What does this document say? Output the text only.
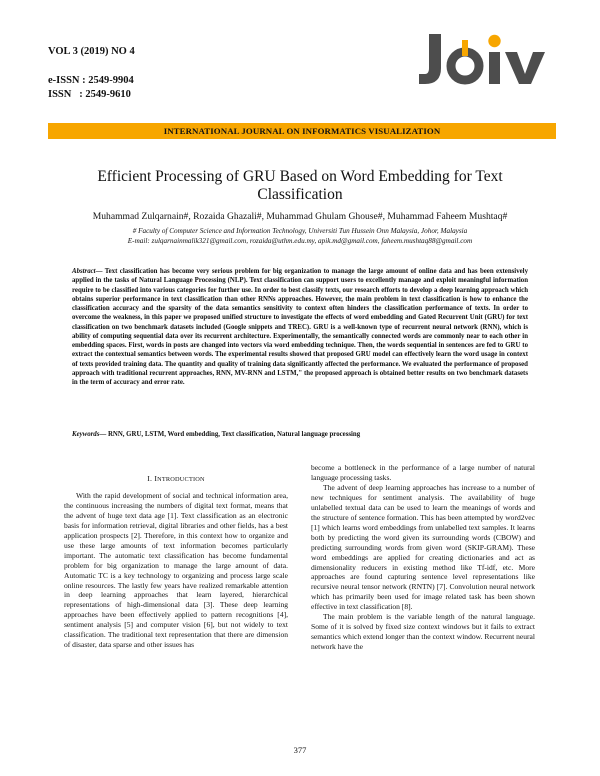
VOL 3 (2019) NO 4
e-ISSN : 2549-9904
ISSN   : 2549-9610
INTERNATIONAL JOURNAL ON INFORMATICS VISUALIZATION
Efficient Processing of GRU Based on Word Embedding for Text Classification
Muhammad Zulqarnain#, Rozaida Ghazali#, Muhammad Ghulam Ghouse#, Muhammad Faheem Mushtaq#
# Faculty of Computer Science and Information Technology, Universiti Tun Hussein Onn Malaysia, Johor, Malaysia
E-mail: zulqarnainmalik321@gmail.com, rozaida@uthm.edu.my, apik.md@gmail.com, faheem.mushtaq88@gmail.com
Abstract— Text classification has become very serious problem for big organization to manage the large amount of online data and has been extensively applied in the tasks of Natural Language Processing (NLP). Text classification can support users to excellently manage and exploit meaningful information require to be classified into various categories for further use. In order to best classify texts, our research efforts to develop a deep learning approach which obtains superior performance in text classification than other RNNs approaches. However, the main problem in text classification is how to enhance the classification accuracy and the sparsity of the data semantics sensitivity to context often hinders the classification performance of texts. In order to overcome the weakness, in this paper we proposed unified structure to investigate the effects of word embedding and Gated Recurrent Unit (GRU) for text classification on two benchmark datasets included (Google snippets and TREC). GRU is a well-known type of recurrent neural network (RNN), which is ability of computing sequential data over its recurrent architecture. Experimentally, the semantically connected words are commonly near to each other in embedding spaces. First, words in posts are changed into vectors via word embedding technique. Then, the words sequential in sentences are fed to GRU to extract the contextual semantics between words. The experimental results showed that proposed GRU model can effectively learn the word usage in context of texts provided training data. The quantity and quality of training data significantly affected the performance. We evaluated the performance of proposed approach with traditional recurrent approaches, RNN, MV-RNN and LSTM," the proposed approach is obtained better results on two benchmark datasets in the term of accuracy and error rate.
Keywords— RNN, GRU, LSTM, Word embedding, Text classification, Natural language processing
I. INTRODUCTION

With the rapid development of social and technical information area, the continuous increasing the numbers of digital text format, means that the advent of huge text data age [1]. Text classification as an electronic basis for information retrieval, digital libraries and other fields, has a best application prospects [2]. Therefore, in this context how to organize and use these large amounts of text information becomes particularly important. The automatic text classification has become fundamental problem for big organization to manage the large amount of data. Automatic TC is a key technology to organizing and process large scale online resources. The lastly few years have realized remarkable attention in deep learning approaches that learn layered, hierarchical representations of high-dimensional data [3]. These deep learning approaches have been effectively applied to pattern recognitions [4], sentiment analysis [5] and computer vision [6], but not widely to text classification. The traditional text representation that there are dimension of disaster, data sparse and other issues has

become a bottleneck in the performance of a large number of natural language processing tasks.

The advent of deep learning approaches has increase to a number of new techniques for sentiment analysis. The availability of huge unlabelled textual data can be used to learn the meanings of words and the structure of sentence formation. This has been attempted by word2vec [1] which learns word embeddings from unlabelled text samples. It learns both by predicting the word given its surrounding words (CBOW) and predicting surrounding words from given word (SKIP-GRAM). These word embeddings are applied for creating dictionaries and act as dimensionality reducers in existing method like Tf-idf, etc. More approaches are found capturing sentence level representations like recursive neural tensor network (RNTN) [7]. Convolution neural network which has primarily been used for image related task has been shown effective in text classification [8].

The main problem is the variable length of the natural language. Some of it is solved by fixed size context windows but it fails to extract semantics which extend longer than the context window. Recurrent neural network have the

377
